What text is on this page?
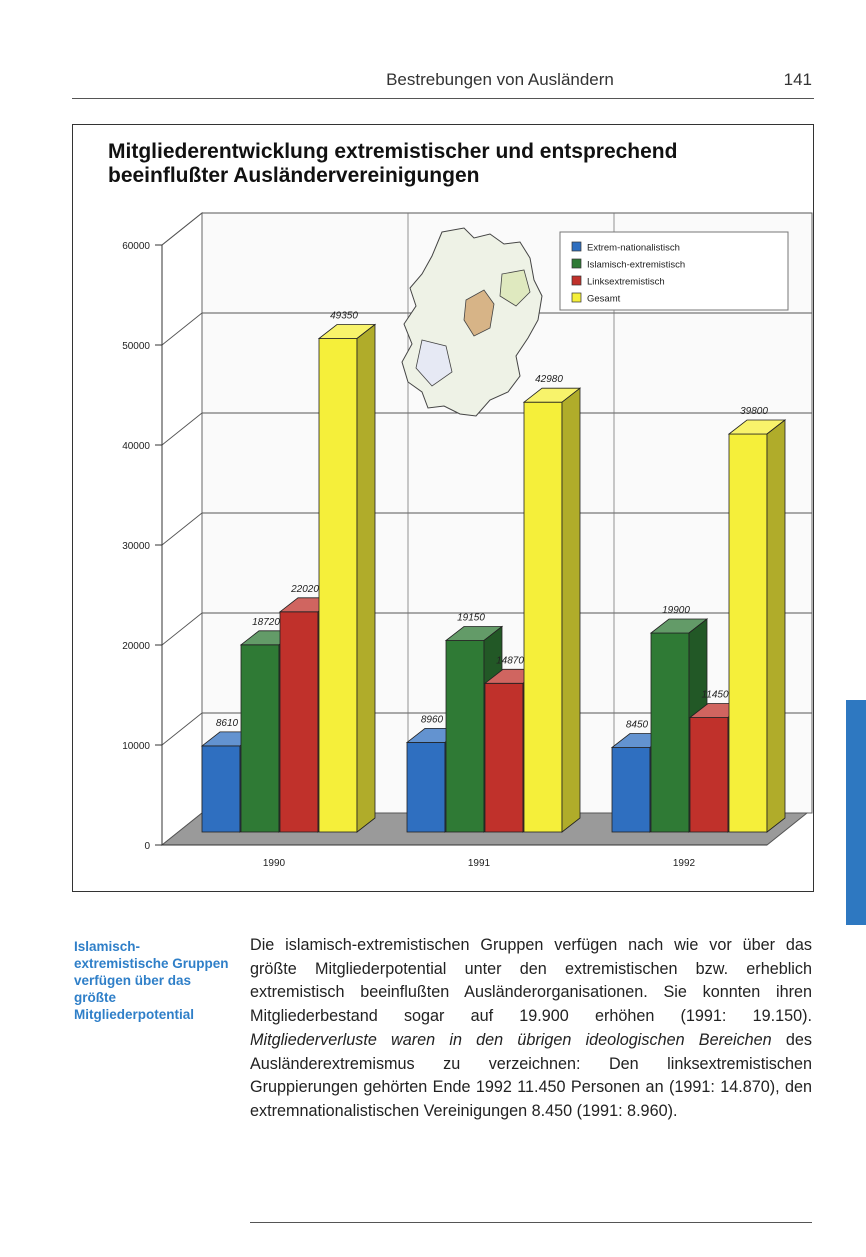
Bestrebungen von Ausländern	141
Mitgliederentwicklung extremistischer und entsprechend beeinflußter Ausländervereinigungen
0
10000
20000
30000
40000
50000
60000
8610
18720
22020
49350
8960
19150
14870
42980
8450
19900
11450
39800
1990	1991	1992
Extrem-nationalistisch
Islamisch-extremistisch
Linksextremistisch
Gesamt
Islamisch-extremistische Gruppen verfügen über das größte Mitgliederpotential
Die islamisch-extremistischen Gruppen verfügen nach wie vor über das größte Mitgliederpotential unter den extremistischen bzw. erheblich extremistisch beeinflußten Ausländerorganisationen. Sie konnten ihren Mitgliederbestand sogar auf 19.900 erhöhen (1991: 19.150). Mitgliederverluste waren in den übrigen ideologischen Bereichen des Ausländerextremismus zu verzeichnen: Den linksextremistischen Gruppierungen gehörten Ende 1992 11.450 Personen an (1991: 14.870), den extremnationalistischen Vereinigungen 8.450 (1991: 8.960).
